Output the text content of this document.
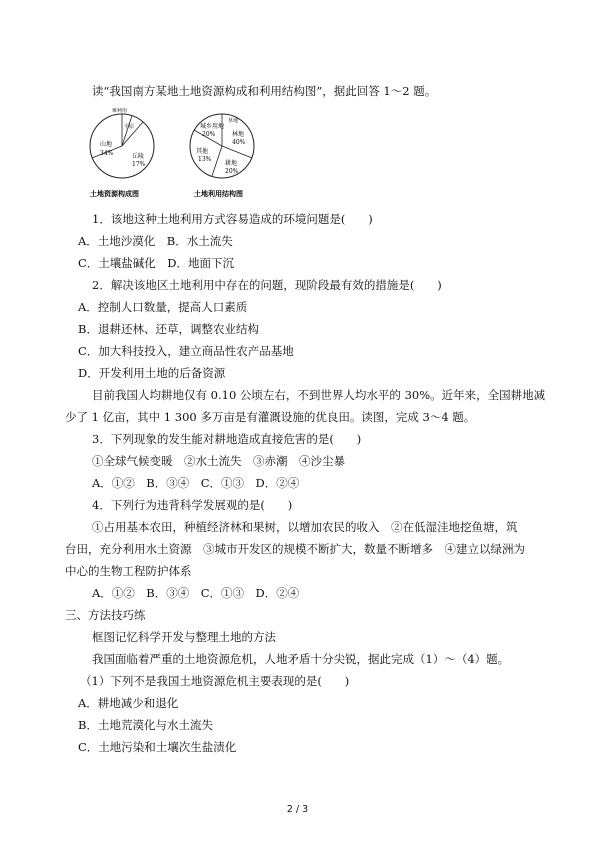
读“我国南方某地土地资源构成和利用结构图”，据此回答 1～2 题。
山地
34%	丘陵
17%
平原
难利用
土地资源构成图
城乡用地
20%	林地
40%
其他
13%
耕地
20%
草地
土地利用结构图
1．该地这种土地利用方式容易造成的环境问题是(　　)
A．土地沙漠化　B．水土流失
C．土壤盐碱化　D．地面下沉
2．解决该地区土地利用中存在的问题，现阶段最有效的措施是(　　)
A．控制人口数量，提高人口素质
B．退耕还林、还草，调整农业结构
C．加大科技投入，建立商品性农产品基地
D．开发利用土地的后备资源
目前我国人均耕地仅有 0.10 公顷左右，不到世界人均水平的 30%。近年来，全国耕地减
少了 1 亿亩，其中 1 300 多万亩是有灌溉设施的优良田。读图，完成 3～4 题。
3．下列现象的发生能对耕地造成直接危害的是(　　)
①全球气候变暖　②水土流失　③赤潮　④沙尘暴
A．①②　B．③④　C．①③　D．②④
4．下列行为违背科学发展观的是(　　)
①占用基本农田，种植经济林和果树，以增加农民的收入　②在低湿洼地挖鱼塘，筑
台田，充分利用水土资源　③城市开发区的规模不断扩大，数量不断增多　④建立以绿洲为
中心的生物工程防护体系
A．①②　B．③④　C．①③　D．②④
三、方法技巧练
框图记忆科学开发与整理土地的方法
我国面临着严重的土地资源危机，人地矛盾十分尖锐，据此完成（1）～（4）题。
（1）下列不是我国土地资源危机主要表现的是(　　)
A．耕地减少和退化
B．土地荒漠化与水土流失
C．土地污染和土壤次生盐渍化
2 / 3
